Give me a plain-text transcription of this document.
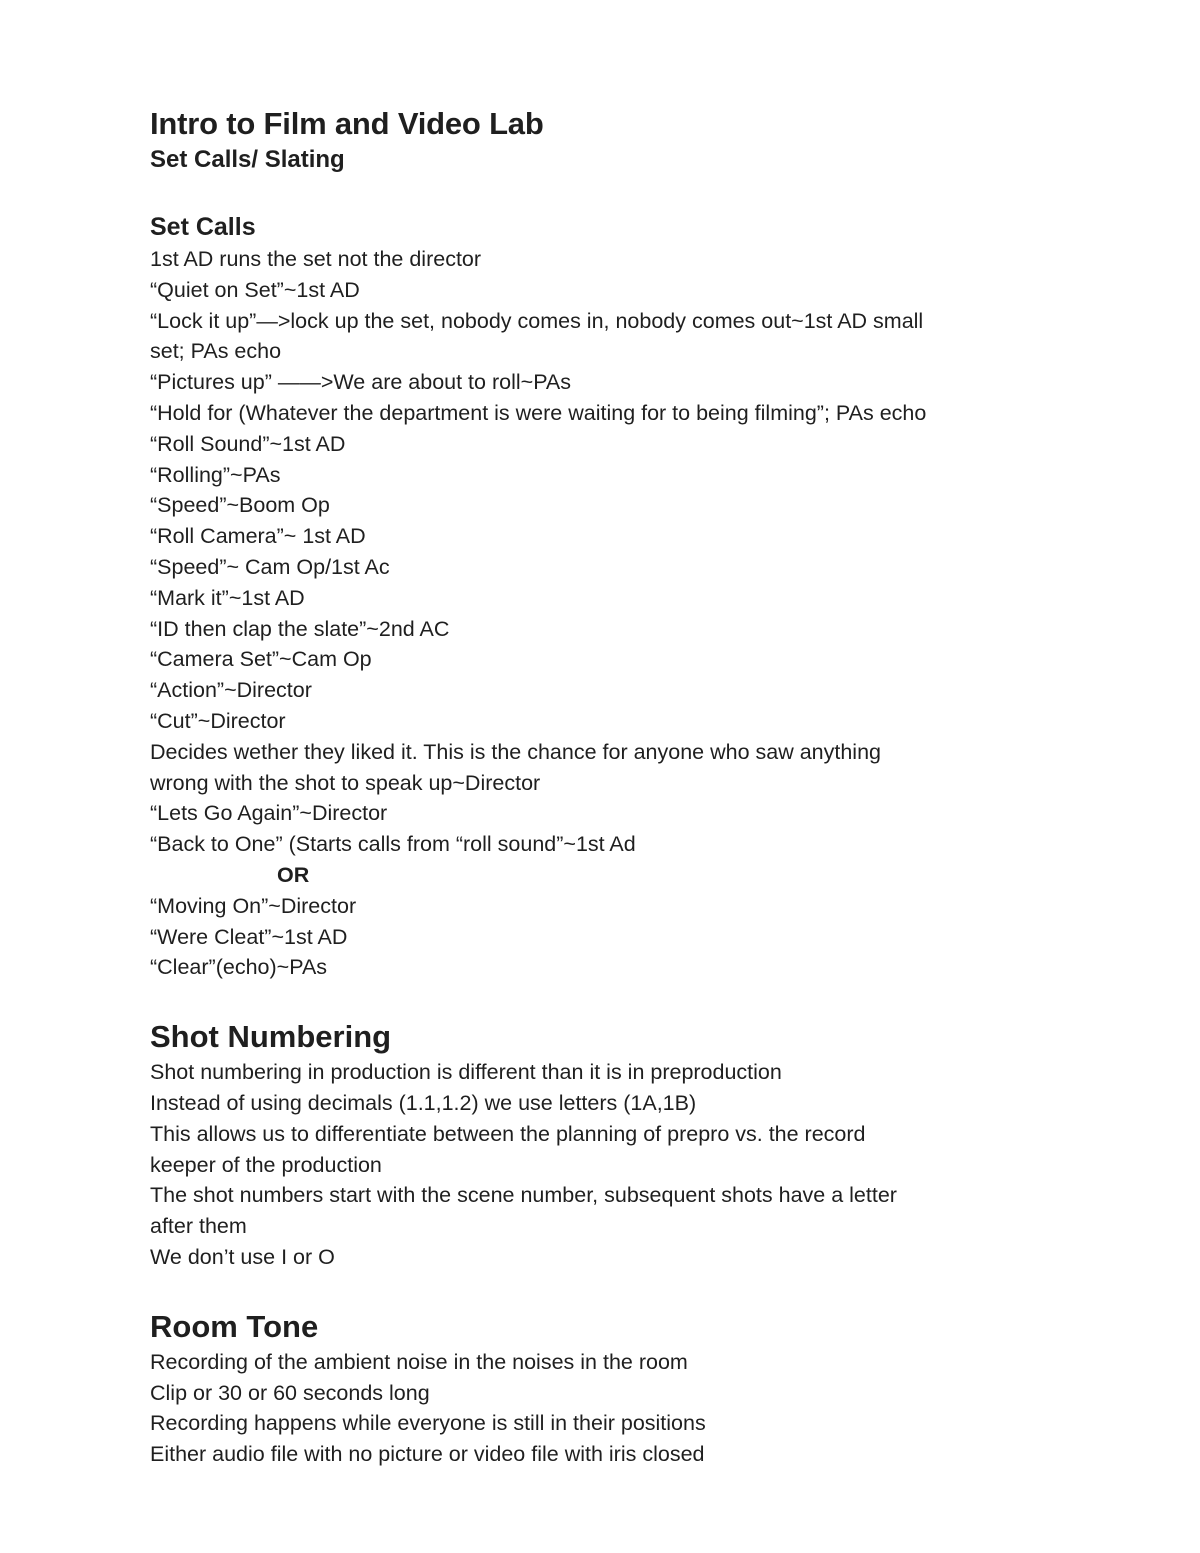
Intro to Film and Video Lab
Set Calls/ Slating
Set Calls

1st AD runs the set not the director

“Quiet on Set”~1st AD

“Lock it up”—>lock up the set, nobody comes in, nobody comes out~1st AD small

set; PAs echo

“Pictures up” ——>We are about to roll~PAs

“Hold for (Whatever the department is were waiting for to being filming”; PAs echo

“Roll Sound”~1st AD

“Rolling”~PAs

“Speed”~Boom Op

“Roll Camera”~ 1st AD

“Speed”~ Cam Op/1st Ac

“Mark it”~1st AD

“ID then clap the slate”~2nd AC

“Camera Set”~Cam Op

“Action”~Director

“Cut”~Director

Decides wether they liked it. This is the chance for anyone who saw anything

wrong with the shot to speak up~Director

“Lets Go Again”~Director

“Back to One” (Starts calls from “roll sound”~1st Ad

OR

“Moving On”~Director

“Were Cleat”~1st AD

“Clear”(echo)~PAs

Shot Numbering

Shot numbering in production is different than it is in preproduction

Instead of using decimals (1.1,1.2) we use letters (1A,1B)

This allows us to differentiate between the planning of prepro vs. the record

keeper of the production

The shot numbers start with the scene number, subsequent shots have a letter

after them

We don’t use I or O

Room Tone

Recording of the ambient noise in the noises in the room

Clip or 30 or 60 seconds long

Recording happens while everyone is still in their positions

Either audio file with no picture or video file with iris closed
